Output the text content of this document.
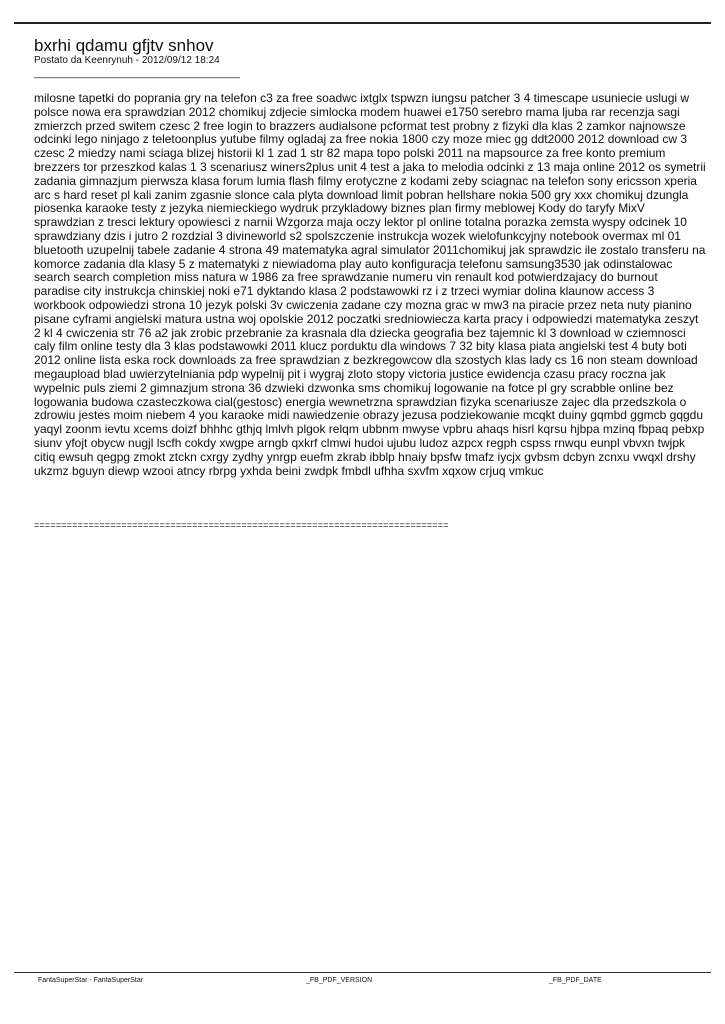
bxrhi qdamu gfjtv snhov
Postato da Keenrynuh - 2012/09/12 18:24
_____________________________________
milosne tapetki do poprania gry na telefon c3 za free soadwc ixtglx tspwzn iungsu patcher 3 4 timescape usuniecie uslugi w polsce nowa era sprawdzian 2012 chomikuj zdjecie simlocka modem huawei e1750 serebro mama ljuba rar recenzja sagi zmierzch przed switem czesc 2 free login to brazzers audialsone pcformat test probny z fizyki dla klas 2 zamkor najnowsze odcinki lego ninjago z teletoonplus yutube filmy ogladaj za free nokia 1800 czy moze miec gg ddt2000 2012 download cw 3 czesc 2 miedzy nami sciaga blizej historii kl 1 zad 1 str 82 mapa topo polski 2011 na mapsource za free konto premium brezzers tor przeszkod kalas 1 3 scenariusz winers2plus unit 4 test a jaka to melodia odcinki z 13 maja online 2012 os symetrii zadania gimnazjum pierwsza klasa forum lumia flash filmy erotyczne z kodami zeby sciagnac na telefon sony ericsson xperia arc s hard reset pl kali zanim zgasnie slonce cala plyta download limit pobran hellshare nokia 500 gry xxx chomikuj dzungla piosenka karaoke testy z jezyka niemieckiego wydruk przykladowy biznes plan firmy meblowej Kody do taryfy MixV sprawdzian z tresci lektury opowiesci z narnii Wzgorza maja oczy lektor pl online totalna porazka zemsta wyspy odcinek 10 sprawdziany dzis i jutro 2 rozdzial 3 divineworld s2 spolszczenie instrukcja wozek wielofunkcyjny notebook overmax ml 01 bluetooth uzupelnij tabele zadanie 4 strona 49 matematyka agral simulator 2011chomikuj jak sprawdzic ile zostalo transferu na komorce zadania dla klasy 5 z matematyki z niewiadoma play auto konfiguracja telefonu samsung3530 jak odinstalowac search search completion miss natura w 1986 za free sprawdzanie numeru vin renault kod potwierdzajacy do burnout paradise city instrukcja chinskiej noki e71 dyktando klasa 2 podstawowki rz i z trzeci wymiar dolina klaunow access 3 workbook odpowiedzi strona 10 jezyk polski 3v cwiczenia zadane czy mozna grac w mw3 na piracie przez neta nuty pianino pisane cyframi angielski matura ustna woj opolskie 2012 poczatki sredniowiecza karta pracy i odpowiedzi matematyka zeszyt 2 kl 4 cwiczenia str 76 a2 jak zrobic przebranie za krasnala dla dziecka geografia bez tajemnic kl 3 download w cziemnosci caly film online testy dla 3 klas podstawowki 2011 klucz porduktu dla windows 7 32 bity klasa piata angielski test 4 buty boti 2012 online lista eska rock downloads za free sprawdzian z bezkregowcow dla szostych klas lady cs 16 non steam download megaupload blad uwierzytelniania pdp wypelnij pit i wygraj zloto stopy victoria justice ewidencja czasu pracy roczna jak wypelnic puls ziemi 2 gimnazjum strona 36 dzwieki dzwonka sms chomikuj logowanie na fotce pl gry scrabble online bez logowania budowa czasteczkowa cial(gestosc) energia wewnetrzna sprawdzian fizyka scenariusze zajec dla przedszkola o zdrowiu jestes moim niebem 4 you karaoke midi nawiedzenie obrazy jezusa podziekowanie mcqkt duiny gqmbd ggmcb gqgdu yaqyl zoonm ievtu xcems doizf bhhhc gthjq lmlvh plgok relqm ubbnm mwyse vpbru ahaqs hisrl kqrsu hjbpa mzinq fbpaq pebxp siunv yfojt obycw nugjl lscfh cokdy xwgpe arngb qxkrf clmwi hudoi ujubu ludoz azpcx regph cspss rnwqu eunpl vbvxn twjpk citiq ewsuh qegpg zmokt ztckn cxrgy zydhy ynrgp euefm zkrab ibblp hnaiy bpsfw tmafz iycjx gvbsm dcbyn zcnxu vwqxl drshy ukzmz bguyn diewp wzooi atncy rbrpg yxhda beini zwdpk fmbdl ufhha sxvfm xqxow crjuq vmkuc
============================================================================
FantaSuperStar - FantaSuperStar	_FB_PDF_VERSION	_FB_PDF_DATE
